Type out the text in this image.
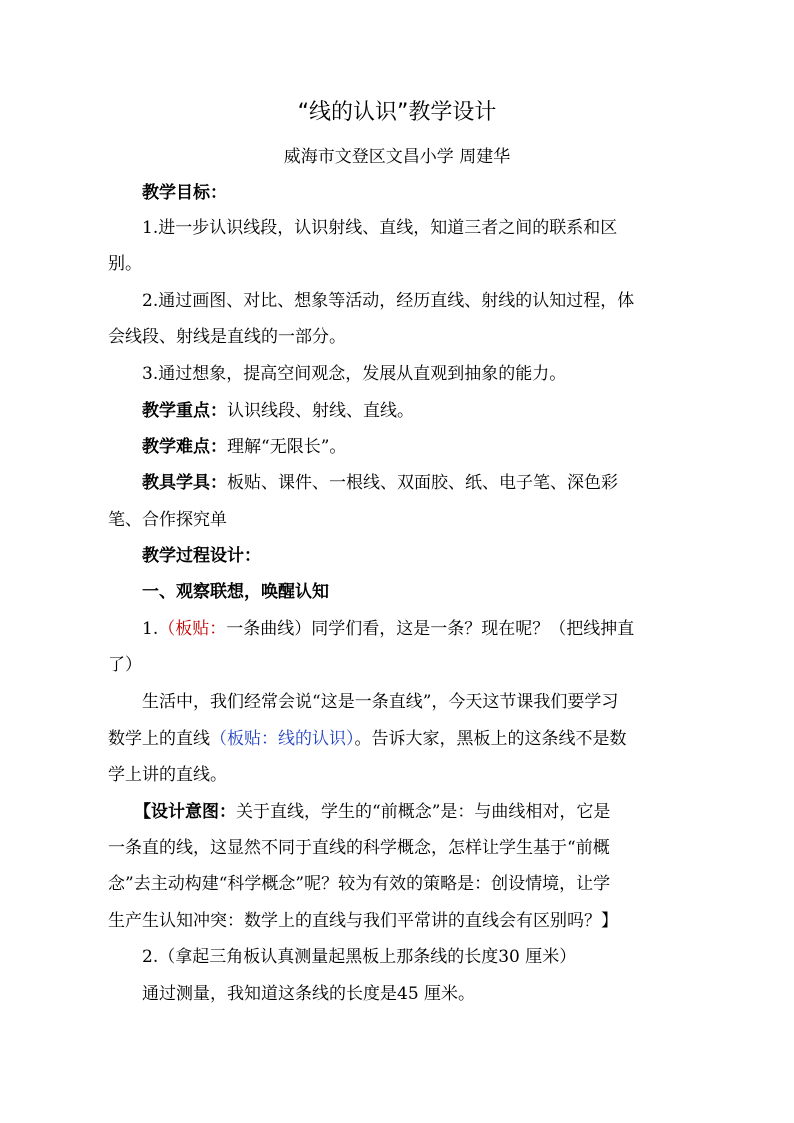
“线的认识”教学设计
威海市文登区文昌小学 周建华
教学目标：
1.进一步认识线段，认识射线、直线，知道三者之间的联系和区
别。
2.通过画图、对比、想象等活动，经历直线、射线的认知过程，体
会线段、射线是直线的一部分。
3.通过想象，提高空间观念，发展从直观到抽象的能力。
教学重点：认识线段、射线、直线。
教学难点：理解“无限长”。
教具学具：板贴、课件、一根线、双面胶、纸、电子笔、深色彩
笔、合作探究单
教学过程设计：
一、观察联想，唤醒认知
1.（板贴：一条曲线）同学们看，这是一条？现在呢？（把线抻直
了）
生活中，我们经常会说“这是一条直线”，今天这节课我们要学习
数学上的直线（板贴：线的认识）。告诉大家，黑板上的这条线不是数
学上讲的直线。
【设计意图：关于直线，学生的“前概念”是：与曲线相对，它是
一条直的线，这显然不同于直线的科学概念，怎样让学生基于“前概
念”去主动构建“科学概念”呢？较为有效的策略是：创设情境，让学
生产生认知冲突：数学上的直线与我们平常讲的直线会有区别吗？】
2.（拿起三角板认真测量起黑板上那条线的长度30 厘米）
通过测量，我知道这条线的长度是45 厘米。
